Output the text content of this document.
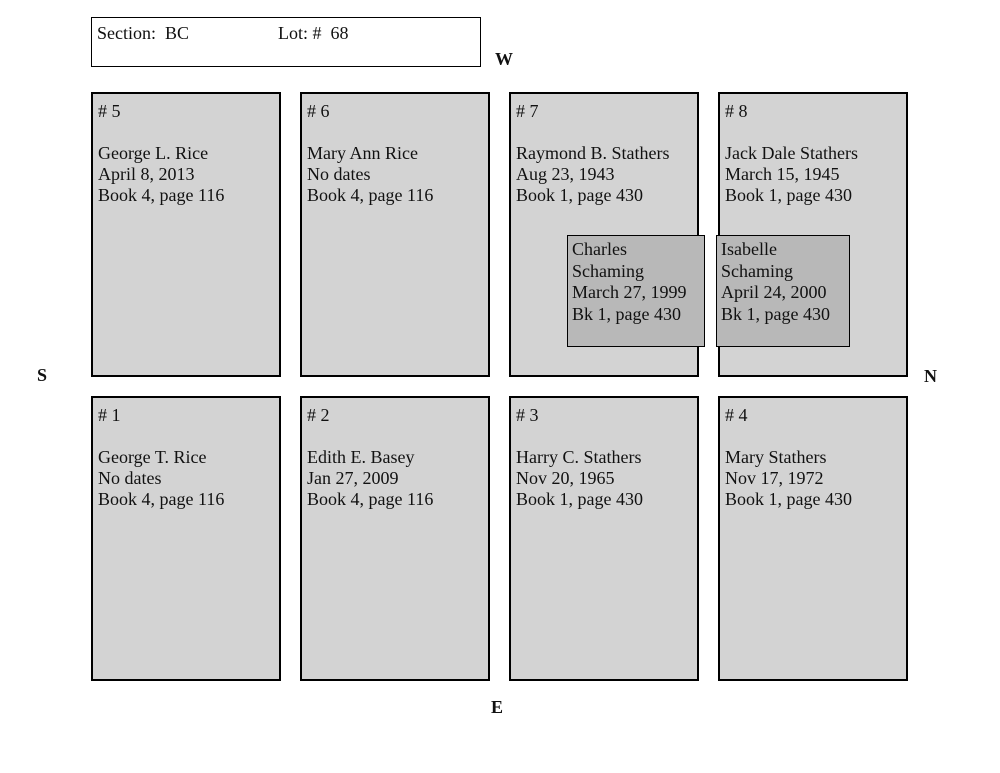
Section:  BC	Lot: #  68
W
E
S	N
# 5
George L. Rice
April 8, 2013
Book 4, page 116
# 6
Mary Ann Rice
No dates
Book 4, page 116
# 7
Raymond B. Stathers
Aug 23, 1943
Book 1, page 430
# 8
Jack Dale Stathers
March 15, 1945
Book 1, page 430
Charles
Schaming
March 27, 1999
Bk 1, page 430
Isabelle
Schaming
April 24, 2000
Bk 1, page 430
# 1
George T. Rice
No dates
Book 4, page 116
# 2
Edith E. Basey
Jan 27, 2009
Book 4, page 116
# 3
Harry C. Stathers
Nov 20, 1965
Book 1, page 430
# 4
Mary Stathers
Nov 17, 1972
Book 1, page 430
